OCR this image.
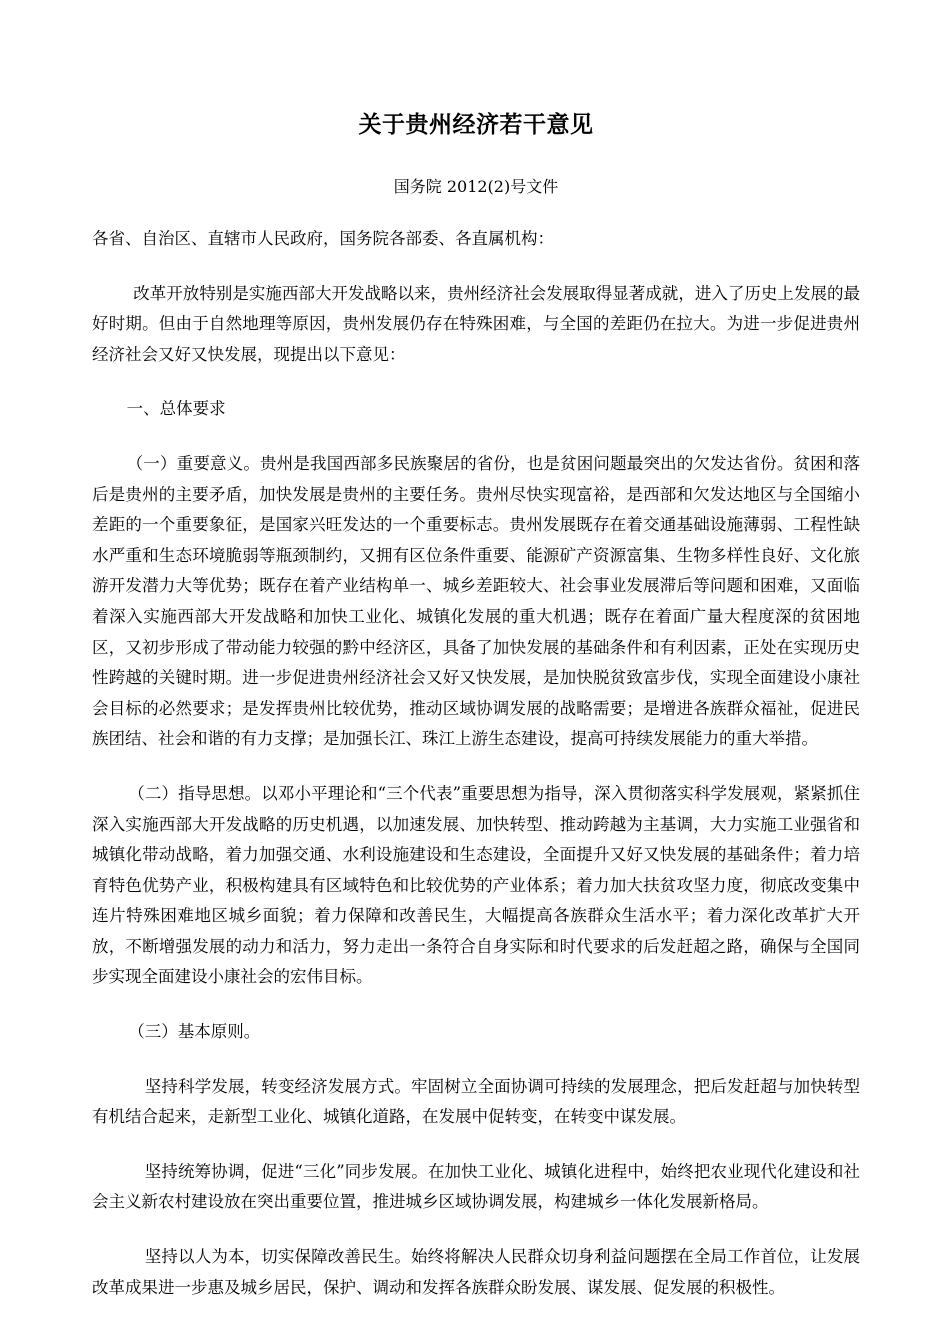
关于贵州经济若干意见

国务院 2012(2)号文件

各省、自治区、直辖市人民政府，国务院各部委、各直属机构：

改革开放特别是实施西部大开发战略以来，贵州经济社会发展取得显著成就，进入了历史上发展的最好时期。但由于自然地理等原因，贵州发展仍存在特殊困难，与全国的差距仍在拉大。为进一步促进贵州经济社会又好又快发展，现提出以下意见：

一、总体要求

（一）重要意义。贵州是我国西部多民族聚居的省份，也是贫困问题最突出的欠发达省份。贫困和落后是贵州的主要矛盾，加快发展是贵州的主要任务。贵州尽快实现富裕，是西部和欠发达地区与全国缩小差距的一个重要象征，是国家兴旺发达的一个重要标志。贵州发展既存在着交通基础设施薄弱、工程性缺水严重和生态环境脆弱等瓶颈制约，又拥有区位条件重要、能源矿产资源富集、生物多样性良好、文化旅游开发潜力大等优势；既存在着产业结构单一、城乡差距较大、社会事业发展滞后等问题和困难，又面临着深入实施西部大开发战略和加快工业化、城镇化发展的重大机遇；既存在着面广量大程度深的贫困地区，又初步形成了带动能力较强的黔中经济区，具备了加快发展的基础条件和有利因素，正处在实现历史性跨越的关键时期。进一步促进贵州经济社会又好又快发展，是加快脱贫致富步伐，实现全面建设小康社会目标的必然要求；是发挥贵州比较优势，推动区域协调发展的战略需要；是增进各族群众福祉，促进民族团结、社会和谐的有力支撑；是加强长江、珠江上游生态建设，提高可持续发展能力的重大举措。

（二）指导思想。以邓小平理论和“三个代表”重要思想为指导，深入贯彻落实科学发展观，紧紧抓住深入实施西部大开发战略的历史机遇，以加速发展、加快转型、推动跨越为主基调，大力实施工业强省和城镇化带动战略，着力加强交通、水利设施建设和生态建设，全面提升又好又快发展的基础条件；着力培育特色优势产业，积极构建具有区域特色和比较优势的产业体系；着力加大扶贫攻坚力度，彻底改变集中连片特殊困难地区城乡面貌；着力保障和改善民生，大幅提高各族群众生活水平；着力深化改革扩大开放，不断增强发展的动力和活力，努力走出一条符合自身实际和时代要求的后发赶超之路，确保与全国同步实现全面建设小康社会的宏伟目标。

（三）基本原则。

坚持科学发展，转变经济发展方式。牢固树立全面协调可持续的发展理念，把后发赶超与加快转型有机结合起来，走新型工业化、城镇化道路，在发展中促转变，在转变中谋发展。

坚持统筹协调，促进“三化”同步发展。在加快工业化、城镇化进程中，始终把农业现代化建设和社会主义新农村建设放在突出重要位置，推进城乡区域协调发展，构建城乡一体化发展新格局。

坚持以人为本，切实保障改善民生。始终将解决人民群众切身利益问题摆在全局工作首位，让发展改革成果进一步惠及城乡居民，保护、调动和发挥各族群众盼发展、谋发展、促发展的积极性。
